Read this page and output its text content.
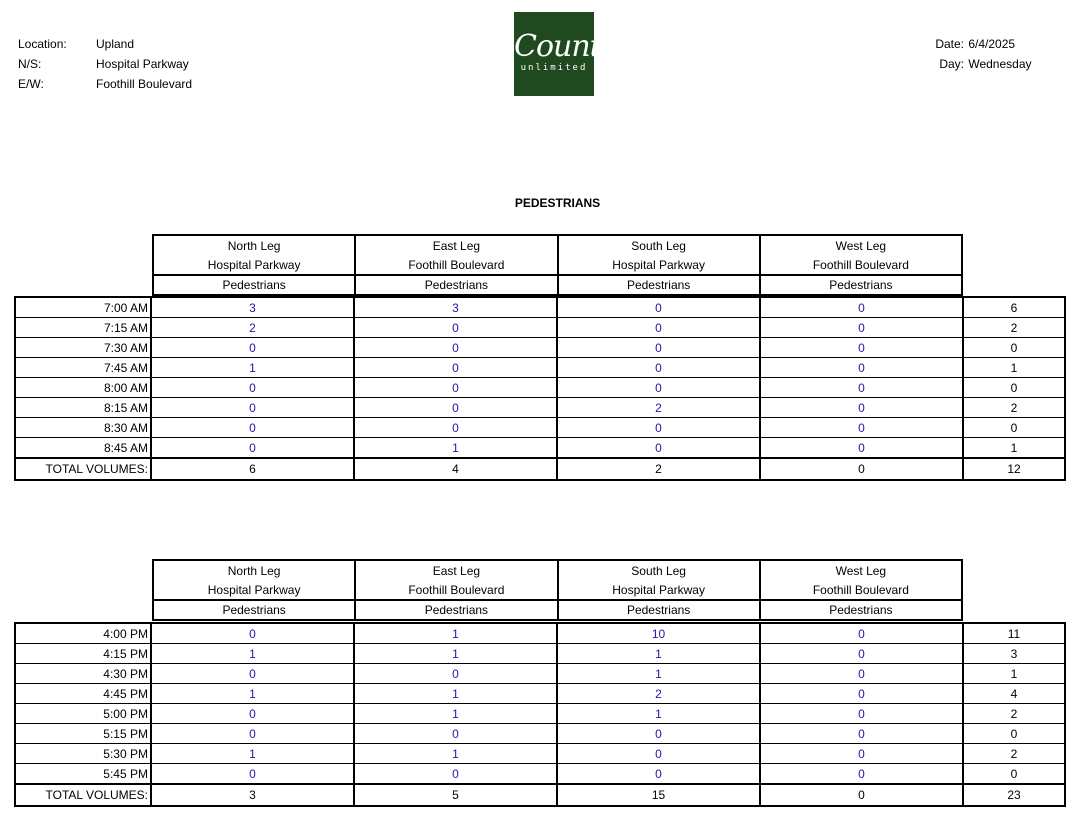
Location:	Upland
N/S:	Hospital Parkway
E/W:	Foothill Boulevard
Counts
unlimited
Date:
6/4/2025
Day:
Wednesday
PEDESTRIANS
North Leg
Hospital Parkway
Pedestrians
East Leg
Foothill Boulevard
Pedestrians
South Leg
Hospital Parkway
Pedestrians
West Leg
Foothill Boulevard
Pedestrians
7:00 AM	3	3	0	0	6
7:15 AM	2	0	0	0	2
7:30 AM	0	0	0	0	0
7:45 AM	1	0	0	0	1
8:00 AM	0	0	0	0	0
8:15 AM	0	0	2	0	2
8:30 AM	0	0	0	0	0
8:45 AM	0	1	0	0	1
TOTAL VOLUMES:	6	4	2	0	12
North Leg
Hospital Parkway
Pedestrians
East Leg
Foothill Boulevard
Pedestrians
South Leg
Hospital Parkway
Pedestrians
West Leg
Foothill Boulevard
Pedestrians
4:00 PM	0	1	10	0	11
4:15 PM	1	1	1	0	3
4:30 PM	0	0	1	0	1
4:45 PM	1	1	2	0	4
5:00 PM	0	1	1	0	2
5:15 PM	0	0	0	0	0
5:30 PM	1	1	0	0	2
5:45 PM	0	0	0	0	0
TOTAL VOLUMES:	3	5	15	0	23
